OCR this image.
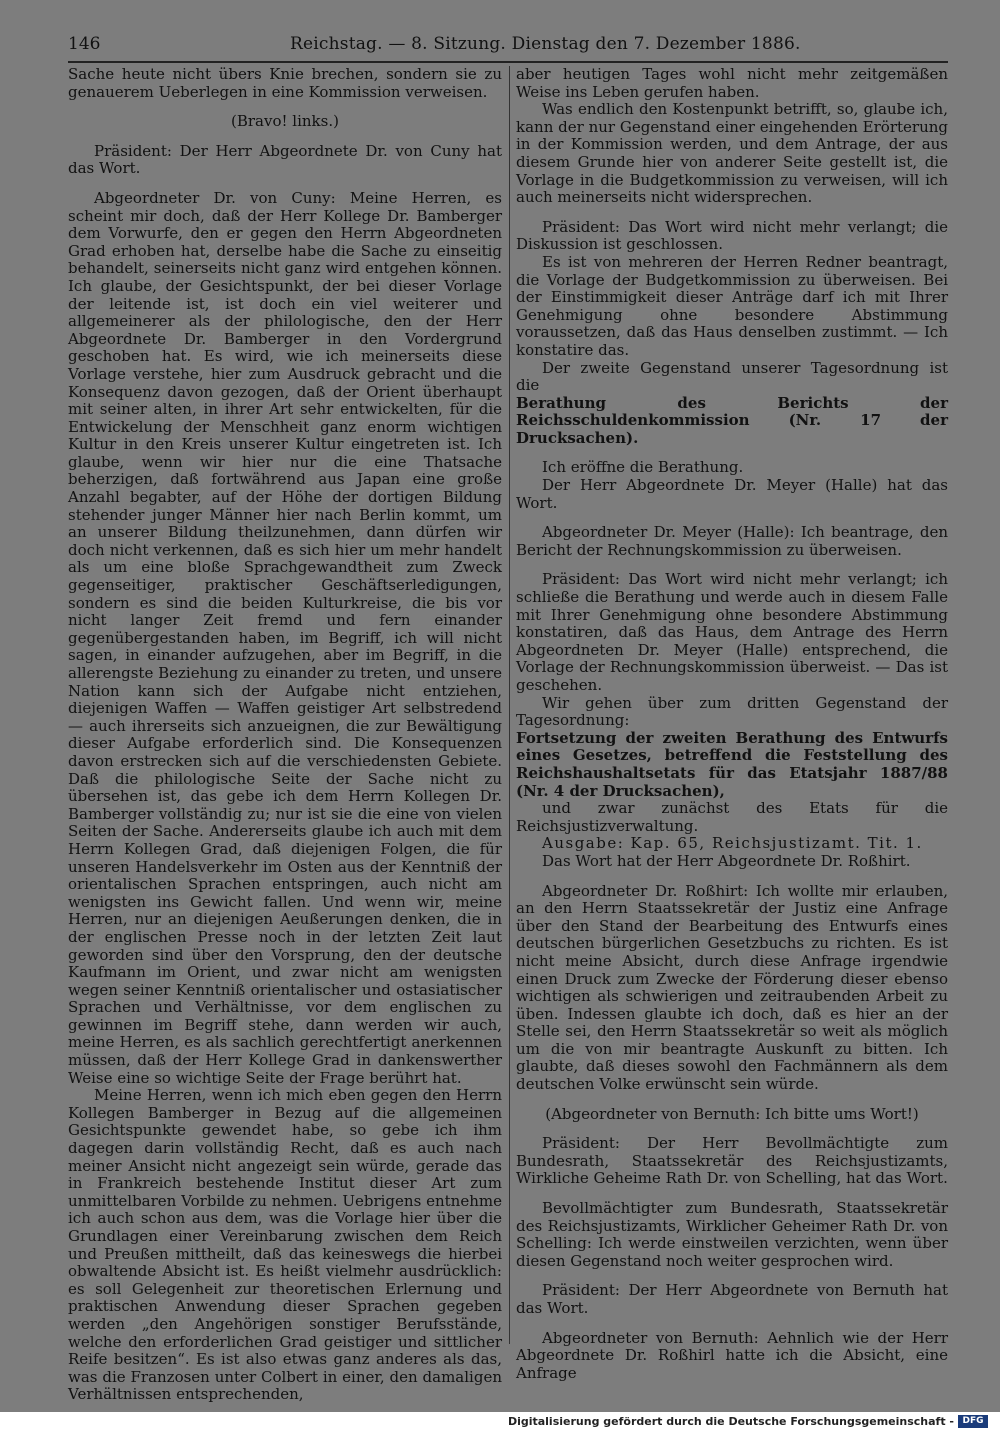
146	Reichstag. — 8. Sitzung. Dienstag den 7. Dezember 1886.

Sache heute nicht übers Knie brechen, sondern sie zu genauerem Ueberlegen in eine Kommission verweisen.

(Bravo! links.)

Präsident: Der Herr Abgeordnete Dr. von Cuny hat das Wort.

Abgeordneter Dr. von Cuny: Meine Herren, es scheint mir doch, daß der Herr Kollege Dr. Bamberger dem Vorwurfe, den er gegen den Herrn Abgeordneten Grad erhoben hat, derselbe habe die Sache zu einseitig behandelt, seinerseits nicht ganz wird entgehen können. Ich glaube, der Gesichtspunkt, der bei dieser Vorlage der leitende ist, ist doch ein viel weiterer und allgemeinerer als der philologische, den der Herr Abgeordnete Dr. Bamberger in den Vordergrund geschoben hat. Es wird, wie ich meinerseits diese Vorlage verstehe, hier zum Ausdruck gebracht und die Konsequenz davon gezogen, daß der Orient überhaupt mit seiner alten, in ihrer Art sehr entwickelten, für die Entwickelung der Menschheit ganz enorm wichtigen Kultur in den Kreis unserer Kultur eingetreten ist. Ich glaube, wenn wir hier nur die eine Thatsache beherzigen, daß fortwährend aus Japan eine große Anzahl begabter, auf der Höhe der dortigen Bildung stehender junger Männer hier nach Berlin kommt, um an unserer Bildung theilzunehmen, dann dürfen wir doch nicht verkennen, daß es sich hier um mehr handelt als um eine bloße Sprachgewandtheit zum Zweck gegenseitiger, praktischer Geschäftserledigungen, sondern es sind die beiden Kulturkreise, die bis vor nicht langer Zeit fremd und fern einander gegenübergestanden haben, im Begriff, ich will nicht sagen, in einander aufzugehen, aber im Begriff, in die allerengste Beziehung zu einander zu treten, und unsere Nation kann sich der Aufgabe nicht entziehen, diejenigen Waffen — Waffen geistiger Art selbstredend — auch ihrerseits sich anzueignen, die zur Bewältigung dieser Aufgabe erforderlich sind. Die Konsequenzen davon erstrecken sich auf die verschiedensten Gebiete. Daß die philologische Seite der Sache nicht zu übersehen ist, das gebe ich dem Herrn Kollegen Dr. Bamberger vollständig zu; nur ist sie die eine von vielen Seiten der Sache. Andererseits glaube ich auch mit dem Herrn Kollegen Grad, daß diejenigen Folgen, die für unseren Handelsverkehr im Osten aus der Kenntniß der orientalischen Sprachen entspringen, auch nicht am wenigsten ins Gewicht fallen. Und wenn wir, meine Herren, nur an diejenigen Aeußerungen denken, die in der englischen Presse noch in der letzten Zeit laut geworden sind über den Vorsprung, den der deutsche Kaufmann im Orient, und zwar nicht am wenigsten wegen seiner Kenntniß orientalischer und ostasiatischer Sprachen und Verhältnisse, vor dem englischen zu gewinnen im Begriff stehe, dann werden wir auch, meine Herren, es als sachlich gerechtfertigt anerkennen müssen, daß der Herr Kollege Grad in dankenswerther Weise eine so wichtige Seite der Frage berührt hat.

Meine Herren, wenn ich mich eben gegen den Herrn Kollegen Bamberger in Bezug auf die allgemeinen Gesichtspunkte gewendet habe, so gebe ich ihm dagegen darin vollständig Recht, daß es auch nach meiner Ansicht nicht angezeigt sein würde, gerade das in Frankreich bestehende Institut dieser Art zum unmittelbaren Vorbilde zu nehmen. Uebrigens entnehme ich auch schon aus dem, was die Vorlage hier über die Grundlagen einer Vereinbarung zwischen dem Reich und Preußen mittheilt, daß das keineswegs die hierbei obwaltende Absicht ist. Es heißt vielmehr ausdrücklich: es soll Gelegenheit zur theoretischen Erlernung und praktischen Anwendung dieser Sprachen gegeben werden „den Angehörigen sonstiger Berufsstände, welche den erforderlichen Grad geistiger und sittlicher Reife besitzen“. Es ist also etwas ganz anderes als das, was die Franzosen unter Colbert in einer, den damaligen Verhältnissen entsprechenden,

aber heutigen Tages wohl nicht mehr zeitgemäßen Weise ins Leben gerufen haben.

Was endlich den Kostenpunkt betrifft, so, glaube ich, kann der nur Gegenstand einer eingehenden Erörterung in der Kommission werden, und dem Antrage, der aus diesem Grunde hier von anderer Seite gestellt ist, die Vorlage in die Budgetkommission zu verweisen, will ich auch meinerseits nicht widersprechen.

Präsident: Das Wort wird nicht mehr verlangt; die Diskussion ist geschlossen.

Es ist von mehreren der Herren Redner beantragt, die Vorlage der Budgetkommission zu überweisen. Bei der Einstimmigkeit dieser Anträge darf ich mit Ihrer Genehmigung ohne besondere Abstimmung voraussetzen, daß das Haus denselben zustimmt. — Ich konstatire das.

Der zweite Gegenstand unserer Tagesordnung ist die

Berathung des Berichts der Reichsschuldenkommission (Nr. 17 der Drucksachen).

Ich eröffne die Berathung.

Der Herr Abgeordnete Dr. Meyer (Halle) hat das Wort.

Abgeordneter Dr. Meyer (Halle): Ich beantrage, den Bericht der Rechnungskommission zu überweisen.

Präsident: Das Wort wird nicht mehr verlangt; ich schließe die Berathung und werde auch in diesem Falle mit Ihrer Genehmigung ohne besondere Abstimmung konstatiren, daß das Haus, dem Antrage des Herrn Abgeordneten Dr. Meyer (Halle) entsprechend, die Vorlage der Rechnungskommission überweist. — Das ist geschehen.

Wir gehen über zum dritten Gegenstand der Tagesordnung:

Fortsetzung der zweiten Berathung des Entwurfs eines Gesetzes, betreffend die Feststellung des Reichshaushaltsetats für das Etatsjahr 1887/88 (Nr. 4 der Drucksachen),

und zwar zunächst des Etats für die Reichsjustizverwaltung.

Ausgabe: Kap. 65, Reichsjustizamt. Tit. 1.

Das Wort hat der Herr Abgeordnete Dr. Roßhirt.

Abgeordneter Dr. Roßhirt: Ich wollte mir erlauben, an den Herrn Staatssekretär der Justiz eine Anfrage über den Stand der Bearbeitung des Entwurfs eines deutschen bürgerlichen Gesetzbuchs zu richten. Es ist nicht meine Absicht, durch diese Anfrage irgendwie einen Druck zum Zwecke der Förderung dieser ebenso wichtigen als schwierigen und zeitraubenden Arbeit zu üben. Indessen glaubte ich doch, daß es hier an der Stelle sei, den Herrn Staatssekretär so weit als möglich um die von mir beantragte Auskunft zu bitten. Ich glaubte, daß dieses sowohl den Fachmännern als dem deutschen Volke erwünscht sein würde.

(Abgeordneter von Bernuth: Ich bitte ums Wort!)

Präsident: Der Herr Bevollmächtigte zum Bundesrath, Staatssekretär des Reichsjustizamts, Wirkliche Geheime Rath Dr. von Schelling, hat das Wort.

Bevollmächtigter zum Bundesrath, Staatssekretär des Reichsjustizamts, Wirklicher Geheimer Rath Dr. von Schelling: Ich werde einstweilen verzichten, wenn über diesen Gegenstand noch weiter gesprochen wird.

Präsident: Der Herr Abgeordnete von Bernuth hat das Wort.

Abgeordneter von Bernuth: Aehnlich wie der Herr Abgeordnete Dr. Roßhirl hatte ich die Absicht, eine Anfrage

Digitalisierung gefördert durch die Deutsche Forschungsgemeinschaft - DFG
